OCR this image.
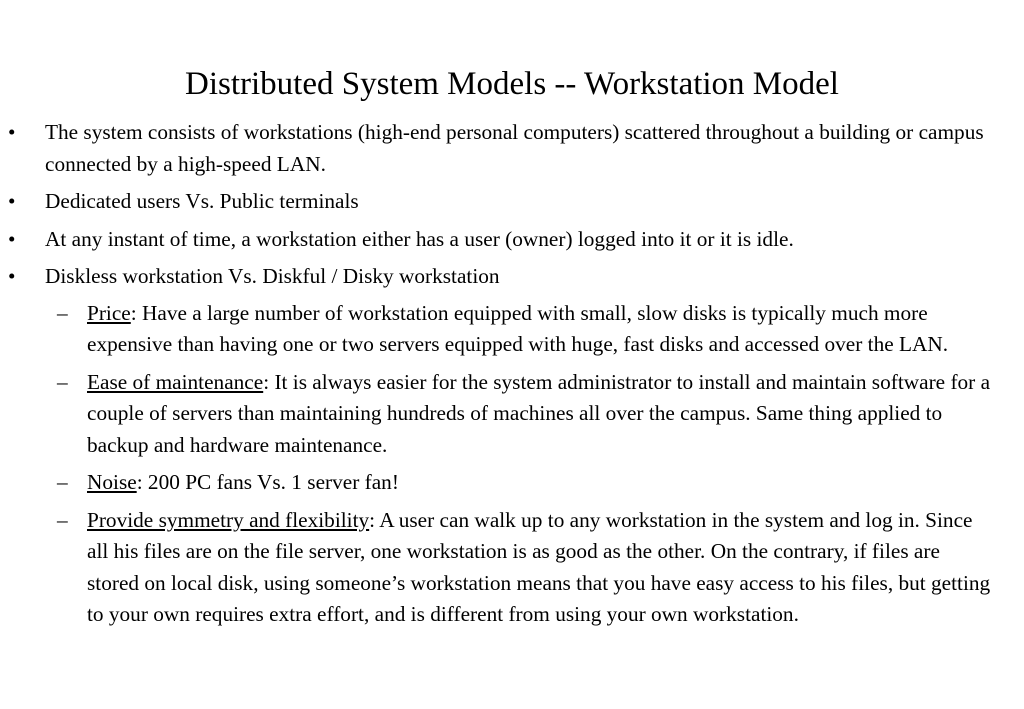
Distributed System Models -- Workstation Model
• The system consists of workstations (high-end personal computers) scattered throughout a building or campus connected by a high-speed LAN.
• Dedicated users Vs. Public terminals
• At any instant of time, a workstation either has a user (owner) logged into it or it is idle.
• Diskless workstation Vs. Diskful / Disky workstation
– Price: Have a large number of workstation equipped with small, slow disks is typically much more expensive than having one or two servers equipped with huge, fast disks and accessed over the LAN.
– Ease of maintenance: It is always easier for the system administrator to install and maintain software for a couple of servers than maintaining hundreds of machines all over the campus. Same thing applied to backup and hardware maintenance.
– Noise: 200 PC fans Vs. 1 server fan!
– Provide symmetry and flexibility: A user can walk up to any workstation in the system and log in. Since all his files are on the file server, one workstation is as good as the other. On the contrary, if files are stored on local disk, using someone’s workstation means that you have easy access to his files, but getting to your own requires extra effort, and is different from using your own workstation.
